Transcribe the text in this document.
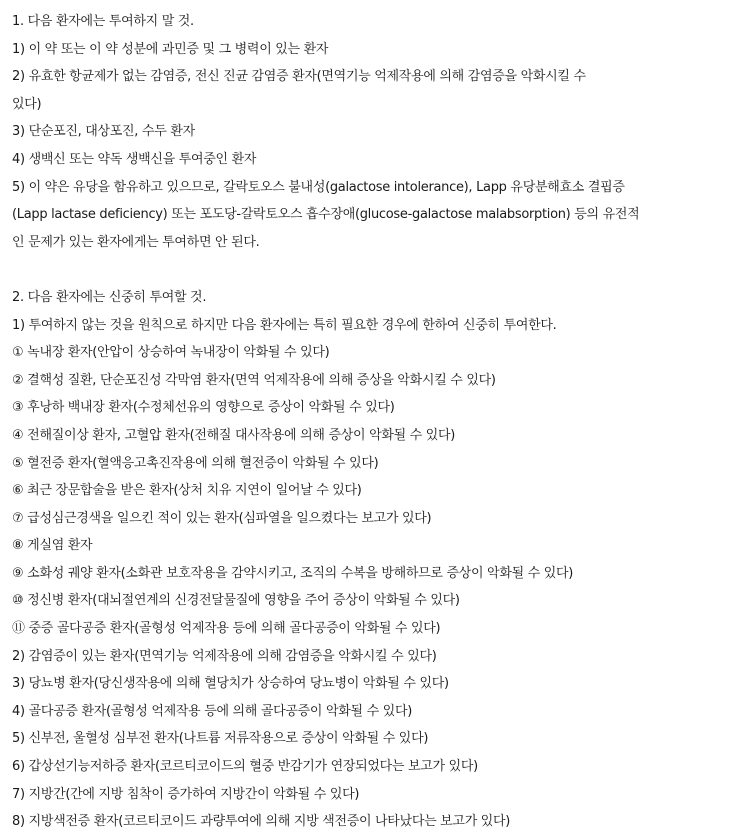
1. 다음 환자에는 투여하지 말 것.
1) 이 약 또는 이 약 성분에 과민증 및 그 병력이 있는 환자
2) 유효한 항균제가 없는 감염증, 전신 진균 감염증 환자(면역기능 억제작용에 의해 감염증을 악화시킬 수
있다)
3) 단순포진, 대상포진, 수두 환자
4) 생백신 또는 약독 생백신을 투여중인 환자
5) 이 약은 유당을 함유하고 있으므로, 갈락토오스 불내성(galactose intolerance), Lapp 유당분해효소 결핍증
(Lapp lactase deficiency) 또는 포도당-갈락토오스 흡수장애(glucose-galactose malabsorption) 등의 유전적
인 문제가 있는 환자에게는 투여하면 안 된다.
2. 다음 환자에는 신중히 투여할 것.
1) 투여하지 않는 것을 원칙으로 하지만 다음 환자에는 특히 필요한 경우에 한하여 신중히 투여한다.
① 녹내장 환자(안압이 상승하여 녹내장이 악화될 수 있다)
② 결핵성 질환, 단순포진성 각막염 환자(면역 억제작용에 의해 증상을 악화시킬 수 있다)
③ 후낭하 백내장 환자(수정체선유의 영향으로 증상이 악화될 수 있다)
④ 전해질이상 환자, 고혈압 환자(전해질 대사작용에 의해 증상이 악화될 수 있다)
⑤ 혈전증 환자(혈액응고촉진작용에 의해 혈전증이 악화될 수 있다)
⑥ 최근 장문합술을 받은 환자(상처 치유 지연이 일어날 수 있다)
⑦ 급성심근경색을 일으킨 적이 있는 환자(심파열을 일으켰다는 보고가 있다)
⑧ 게실염 환자
⑨ 소화성 궤양 환자(소화관 보호작용을 감약시키고, 조직의 수복을 방해하므로 증상이 악화될 수 있다)
⑩ 정신병 환자(대뇌절연계의 신경전달물질에 영향을 주어 증상이 악화될 수 있다)
⑪ 중증 골다공증 환자(골형성 억제작용 등에 의해 골다공증이 악화될 수 있다)
2) 감염증이 있는 환자(면역기능 억제작용에 의해 감염증을 악화시킬 수 있다)
3) 당뇨병 환자(당신생작용에 의해 혈당치가 상승하여 당뇨병이 악화될 수 있다)
4) 골다공증 환자(골형성 억제작용 등에 의해 골다공증이 악화될 수 있다)
5) 신부전, 울혈성 심부전 환자(나트륨 저류작용으로 증상이 악화될 수 있다)
6) 갑상선기능저하증 환자(코르티코이드의 혈중 반감기가 연장되었다는 보고가 있다)
7) 지방간(간에 지방 침착이 증가하여 지방간이 악화될 수 있다)
8) 지방색전증 환자(코르티코이드 과량투여에 의해 지방 색전증이 나타났다는 보고가 있다)
